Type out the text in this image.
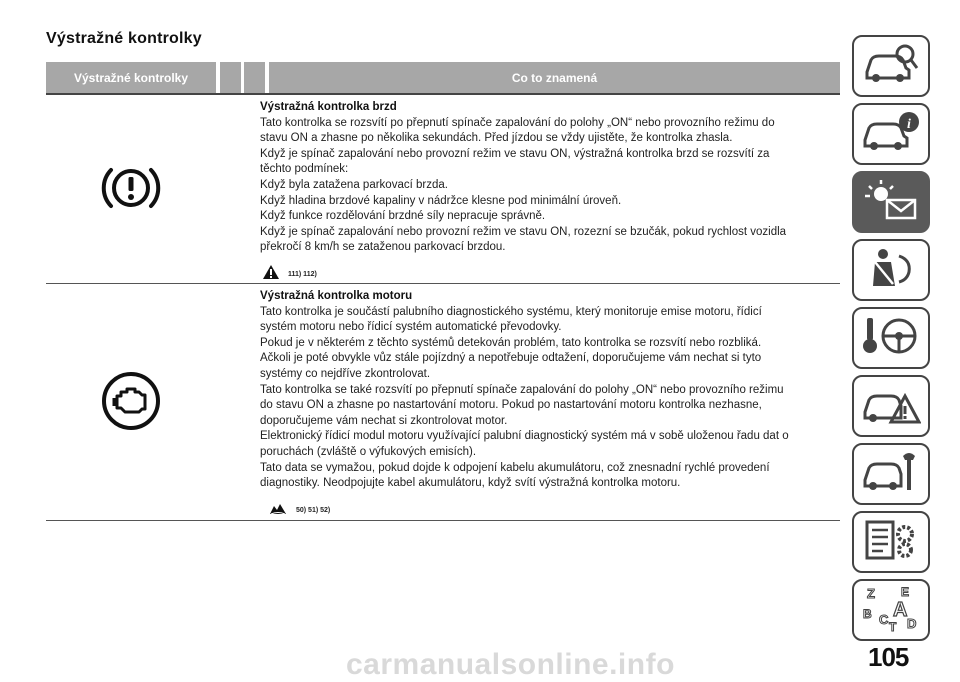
Výstražné kontrolky
Výstražné kontrolky	Co to znamená
Výstražná kontrolka brzd
Tato kontrolka se rozsvítí po přepnutí spínače zapalování do polohy „ON“ nebo provozního režimu do
stavu ON a zhasne po několika sekundách. Před jízdou se vždy ujistěte, že kontrolka zhasla.
Když je spínač zapalování nebo provozní režim ve stavu ON, výstražná kontrolka brzd se rozsvítí za
těchto podmínek:
Když byla zatažena parkovací brzda.
Když hladina brzdové kapaliny v nádržce klesne pod minimální úroveň.
Když funkce rozdělování brzdné síly nepracuje správně.
Když je spínač zapalování nebo provozní režim ve stavu ON, rozezní se bzučák, pokud rychlost vozidla
překročí 8 km/h se zataženou parkovací brzdou.
111) 112)
Výstražná kontrolka motoru
Tato kontrolka je součástí palubního diagnostického systému, který monitoruje emise motoru, řídicí
systém motoru nebo řídicí systém automatické převodovky.
Pokud je v některém z těchto systémů detekován problém, tato kontrolka se rozsvítí nebo rozbliká.
Ačkoli je poté obvykle vůz stále pojízdný a nepotřebuje odtažení, doporučujeme vám nechat si tyto
systémy co nejdříve zkontrolovat.
Tato kontrolka se také rozsvítí po přepnutí spínače zapalování do polohy „ON“ nebo provozního režimu
do stavu ON a zhasne po nastartování motoru. Pokud po nastartování motoru kontrolka nezhasne,
doporučujeme vám nechat si zkontrolovat motor.
Elektronický řídicí modul motoru využívající palubní diagnostický systém má v sobě uloženou řadu dat o
poruchách (zvláště o výfukových emisích).
Tato data se vymažou, pokud dojde k odpojení kabelu akumulátoru, což znesnadní rychlé provedení
diagnostiky. Neodpojujte kabel akumulátoru, když svítí výstražná kontrolka motoru.
50) 51) 52)
i
Z E
B C A
T D
105
carmanualsonline.info
